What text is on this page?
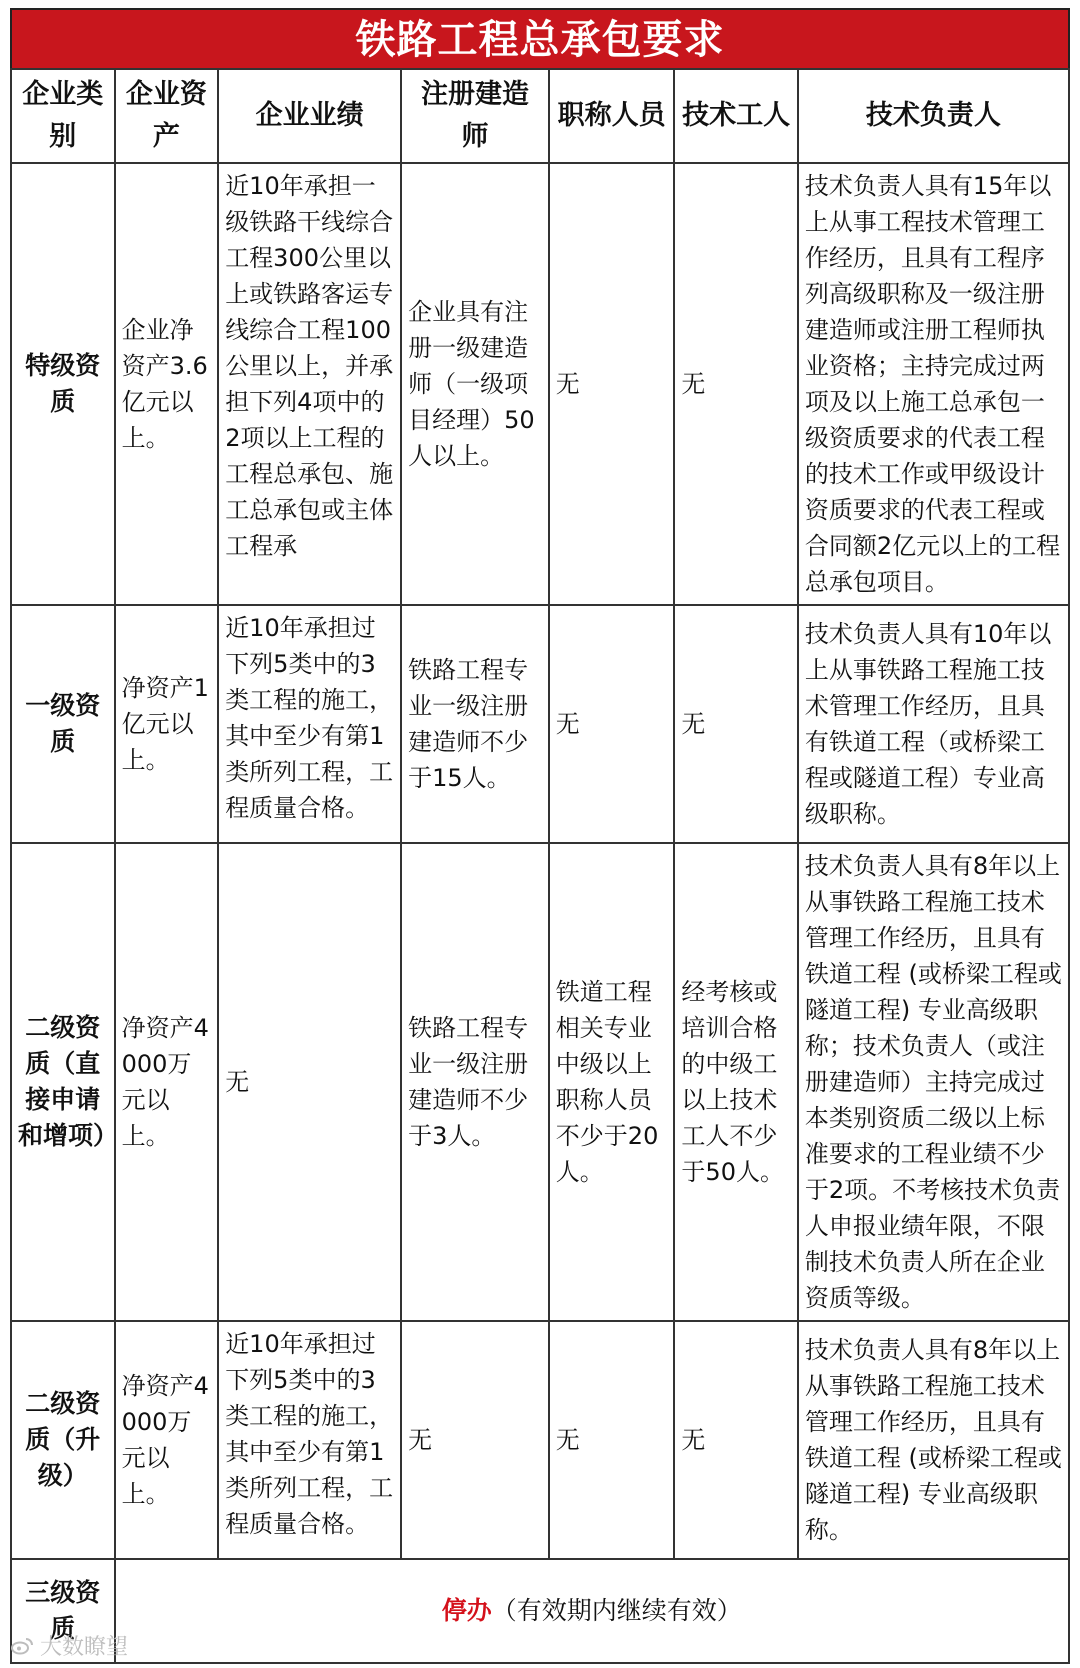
铁路工程总承包要求
企业类别	企业资产	企业业绩	注册建造师	职称人员	技术工人	技术负责人
特级资质	企业净资产3.6亿元以上。	近10年承担一级铁路干线综合工程300公里以上或铁路客运专线综合工程100公里以上，并承担下列4项中的2项以上工程的工程总承包、施工总承包或主体工程承	企业具有注册一级建造师（一级项目经理）50人以上。	无	无	技术负责人具有15年以上从事工程技术管理工作经历，且具有工程序列高级职称及一级注册建造师或注册工程师执业资格；主持完成过两项及以上施工总承包一级资质要求的代表工程的技术工作或甲级设计资质要求的代表工程或合同额2亿元以上的工程总承包项目。
一级资质	净资产1亿元以上。	近10年承担过下列5类中的3类工程的施工，其中至少有第1类所列工程，工程质量合格。	铁路工程专业一级注册建造师不少于15人。	无	无	技术负责人具有10年以上从事铁路工程施工技术管理工作经历，且具有铁道工程（或桥梁工程或隧道工程）专业高级职称。
二级资质（直接申请和增项）	净资产4000万元以上。	无	铁路工程专业一级注册建造师不少于3人。	铁道工程相关专业中级以上职称人员不少于20人。	经考核或培训合格的中级工以上技术工人不少于50人。	技术负责人具有8年以上从事铁路工程施工技术管理工作经历，且具有铁道工程 (或桥梁工程或隧道工程) 专业高级职称；技术负责人（或注册建造师）主持完成过本类别资质二级以上标准要求的工程业绩不少于2项。不考核技术负责人申报业绩年限，不限制技术负责人所在企业资质等级。
二级资质（升级）	净资产4000万元以上。	近10年承担过下列5类中的3类工程的施工，其中至少有第1类所列工程，工程质量合格。	无	无	无	技术负责人具有8年以上从事铁路工程施工技术管理工作经历，且具有铁道工程 (或桥梁工程或隧道工程) 专业高级职称。
三级资质	停办（有效期内继续有效）					
大数瞭望
